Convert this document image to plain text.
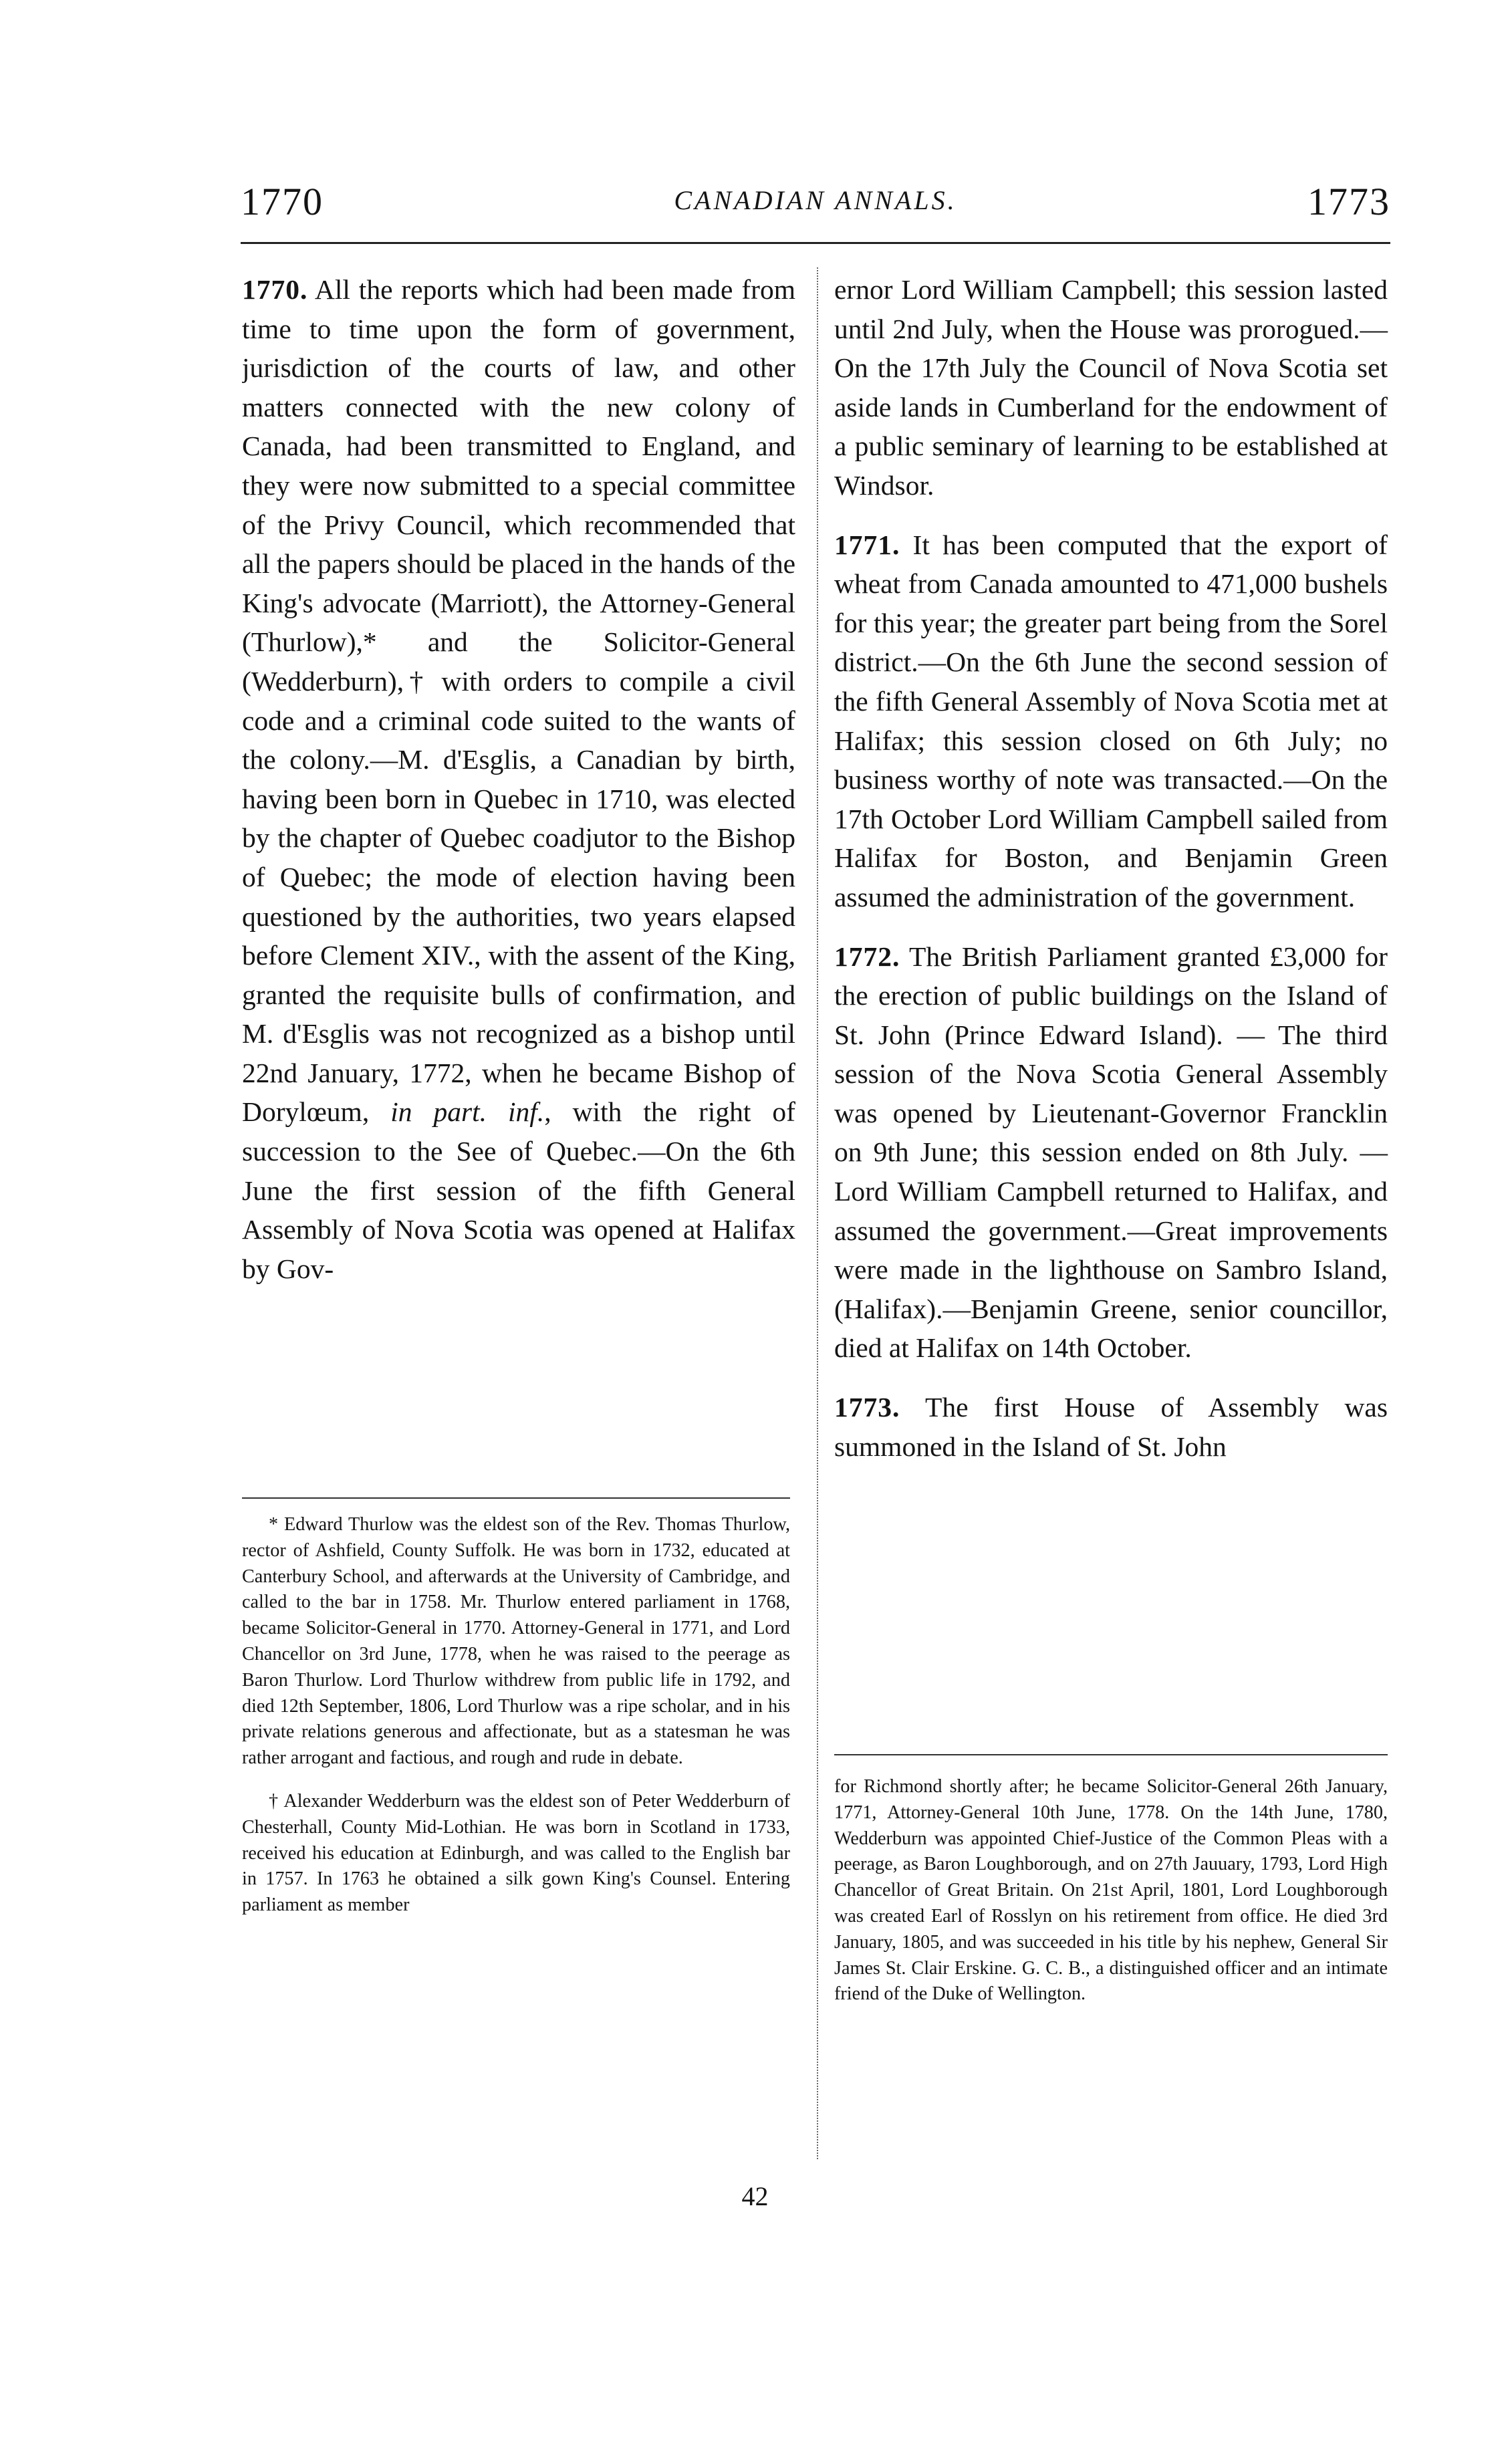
1770	CANADIAN ANNALS.	1773

1770. All the reports which had been made from time to time upon the form of government, jurisdiction of the courts of law, and other matters connected with the new colony of Canada, had been transmitted to England, and they were now submitted to a special committee of the Privy Council, which recommended that all the papers should be placed in the hands of the King's advocate (Marriott), the Attorney-General (Thurlow),* and the Solicitor-General (Wedderburn),† with orders to compile a civil code and a criminal code suited to the wants of the colony.—M. d'Esglis, a Canadian by birth, having been born in Quebec in 1710, was elected by the chapter of Quebec coadjutor to the Bishop of Quebec; the mode of election having been questioned by the authorities, two years elapsed before Clement XIV., with the assent of the King, granted the requisite bulls of confirmation, and M. d'Esglis was not recognized as a bishop until 22nd January, 1772, when he became Bishop of Dorylœum, in part. inf., with the right of succession to the See of Quebec.—On the 6th June the first session of the fifth General Assembly of Nova Scotia was opened at Halifax by Gov-

ernor Lord William Campbell; this session lasted until 2nd July, when the House was prorogued.—On the 17th July the Council of Nova Scotia set aside lands in Cumberland for the endowment of a public seminary of learning to be established at Windsor.

1771. It has been computed that the export of wheat from Canada amounted to 471,000 bushels for this year; the greater part being from the Sorel district.—On the 6th June the second session of the fifth General Assembly of Nova Scotia met at Halifax; this session closed on 6th July; no business worthy of note was transacted.—On the 17th October Lord William Campbell sailed from Halifax for Boston, and Benjamin Green assumed the administration of the government.

1772. The British Parliament granted £3,000 for the erection of public buildings on the Island of St. John (Prince Edward Island). — The third session of the Nova Scotia General Assembly was opened by Lieutenant-Governor Francklin on 9th June; this session ended on 8th July. — Lord William Campbell returned to Halifax, and assumed the government.—Great improvements were made in the lighthouse on Sambro Island, (Halifax).—Benjamin Greene, senior councillor, died at Halifax on 14th October.

1773. The first House of Assembly was summoned in the Island of St. John

* Edward Thurlow was the eldest son of the Rev. Thomas Thurlow, rector of Ashfield, County Suffolk. He was born in 1732, educated at Canterbury School, and afterwards at the University of Cambridge, and called to the bar in 1758. Mr. Thurlow entered parliament in 1768, became Solicitor-General in 1770. Attorney-General in 1771, and Lord Chancellor on 3rd June, 1778, when he was raised to the peerage as Baron Thurlow. Lord Thurlow withdrew from public life in 1792, and died 12th September, 1806, Lord Thurlow was a ripe scholar, and in his private relations generous and affectionate, but as a statesman he was rather arrogant and factious, and rough and rude in debate.

† Alexander Wedderburn was the eldest son of Peter Wedderburn of Chesterhall, County Mid-Lothian. He was born in Scotland in 1733, received his education at Edinburgh, and was called to the English bar in 1757. In 1763 he obtained a silk gown King's Counsel. Entering parliament as member

for Richmond shortly after; he became Solicitor-General 26th January, 1771, Attorney-General 10th June, 1778. On the 14th June, 1780, Wedderburn was appointed Chief-Justice of the Common Pleas with a peerage, as Baron Loughborough, and on 27th Jauuary, 1793, Lord High Chancellor of Great Britain. On 21st April, 1801, Lord Loughborough was created Earl of Rosslyn on his retirement from office. He died 3rd January, 1805, and was succeeded in his title by his nephew, General Sir James St. Clair Erskine. G. C. B., a distinguished officer and an intimate friend of the Duke of Wellington.

42
